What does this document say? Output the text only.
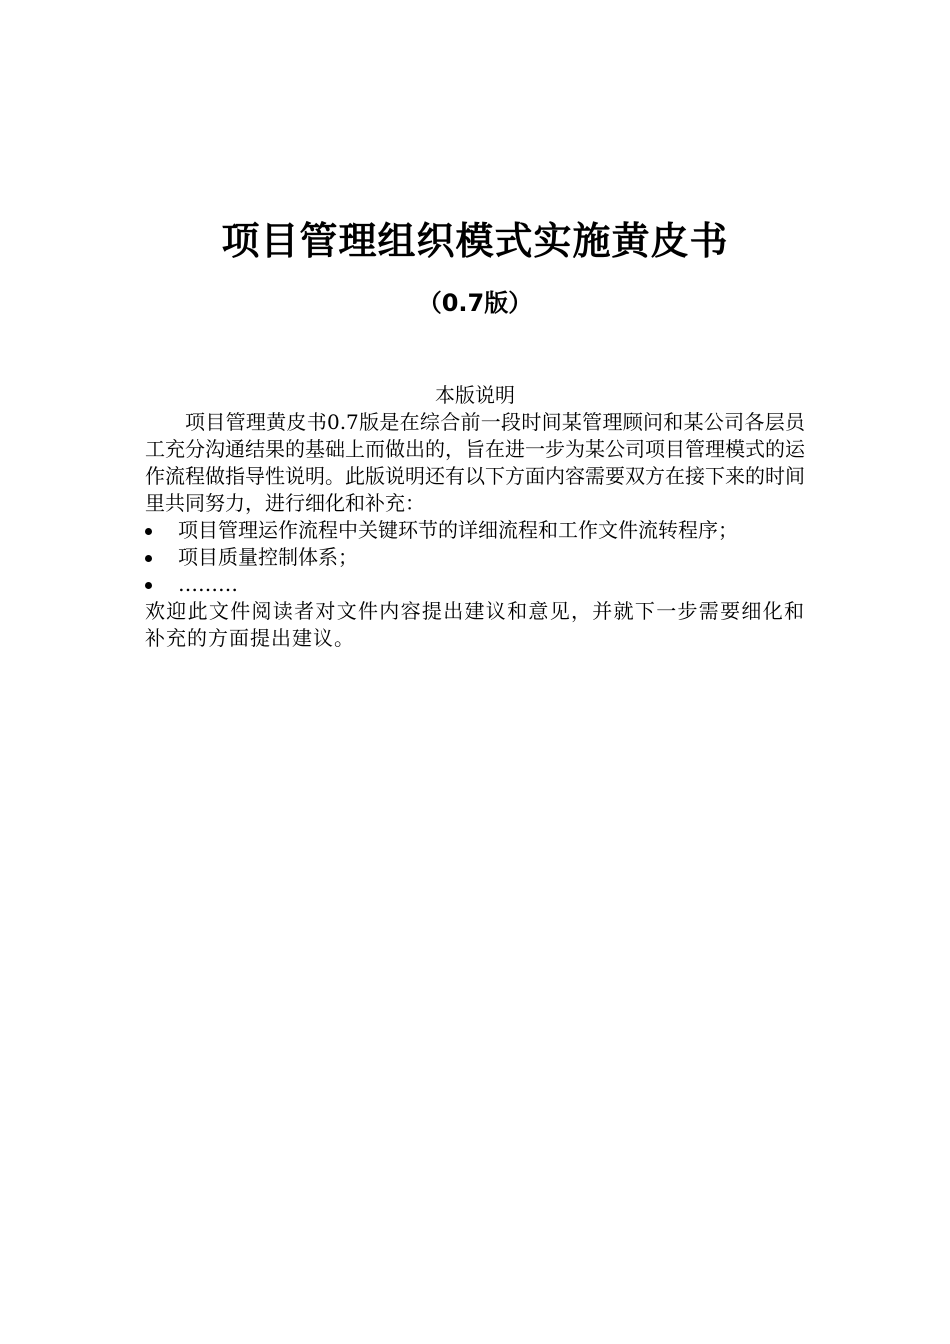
项目管理组织模式实施黄皮书
（0.7版）

本版说明

项目管理黄皮书0.7版是在综合前一段时间某管理顾问和某公司各层员工充分沟通结果的基础上而做出的，旨在进一步为某公司项目管理模式的运作流程做指导性说明。此版说明还有以下方面内容需要双方在接下来的时间里共同努力，进行细化和补充：

项目管理运作流程中关键环节的详细流程和工作文件流转程序；
项目质量控制体系；
………

欢迎此文件阅读者对文件内容提出建议和意见，并就下一步需要细化和补充的方面提出建议。
